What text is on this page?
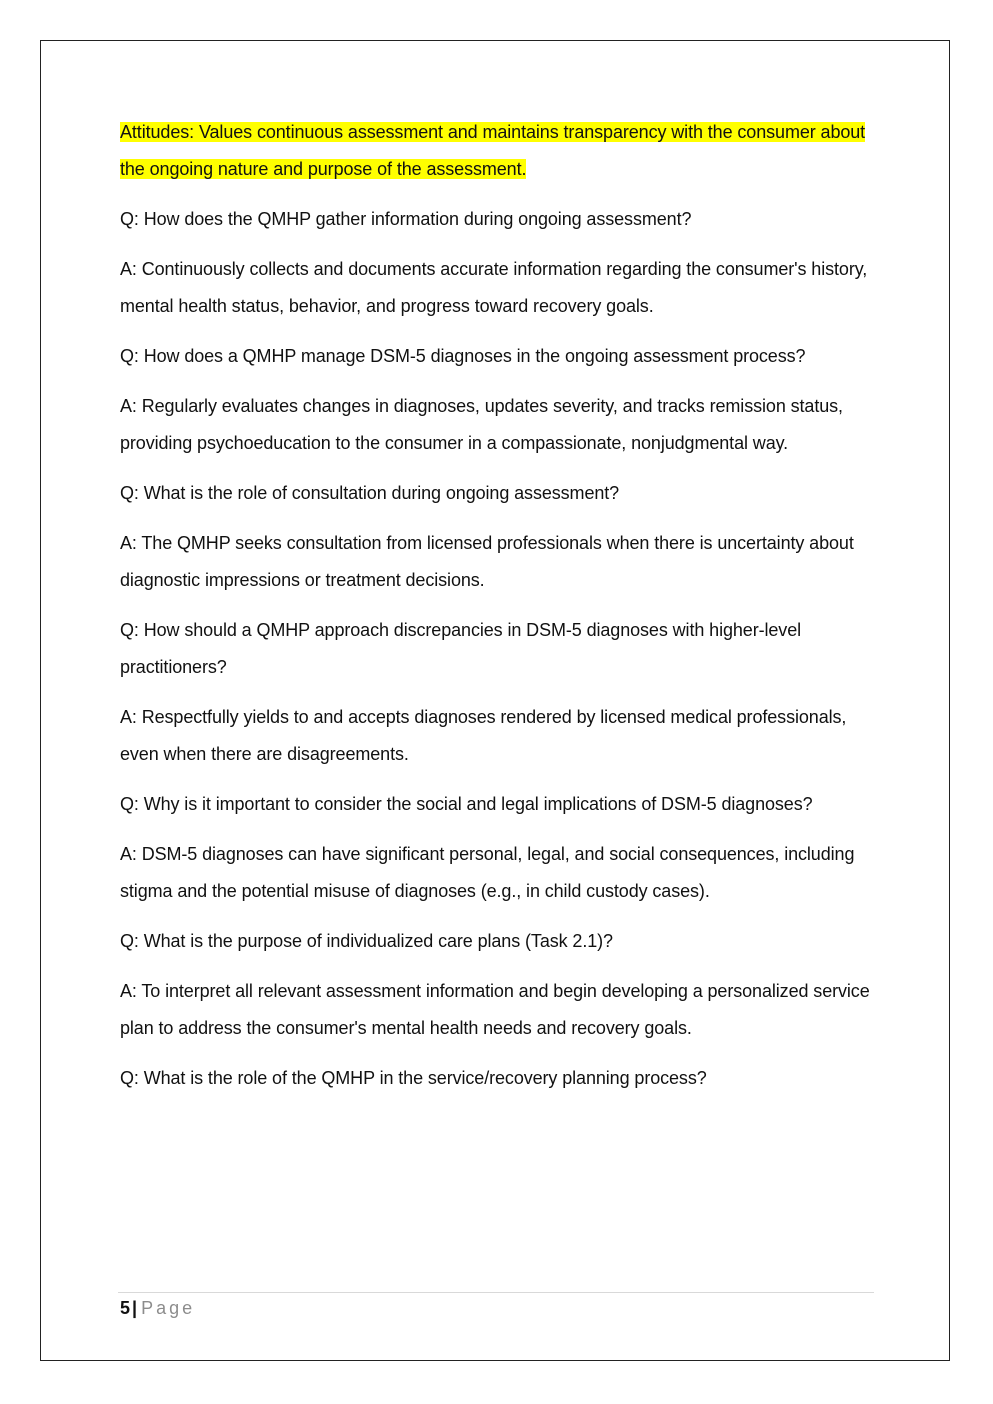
Attitudes: Values continuous assessment and maintains transparency with the consumer about the ongoing nature and purpose of the assessment.

Q: How does the QMHP gather information during ongoing assessment?

A: Continuously collects and documents accurate information regarding the consumer's history, mental health status, behavior, and progress toward recovery goals.

Q: How does a QMHP manage DSM-5 diagnoses in the ongoing assessment process?

A: Regularly evaluates changes in diagnoses, updates severity, and tracks remission status, providing psychoeducation to the consumer in a compassionate, nonjudgmental way.

Q: What is the role of consultation during ongoing assessment?

A: The QMHP seeks consultation from licensed professionals when there is uncertainty about diagnostic impressions or treatment decisions.

Q: How should a QMHP approach discrepancies in DSM-5 diagnoses with higher-level practitioners?

A: Respectfully yields to and accepts diagnoses rendered by licensed medical professionals, even when there are disagreements.

Q: Why is it important to consider the social and legal implications of DSM-5 diagnoses?

A: DSM-5 diagnoses can have significant personal, legal, and social consequences, including stigma and the potential misuse of diagnoses (e.g., in child custody cases).

Q: What is the purpose of individualized care plans (Task 2.1)?

A: To interpret all relevant assessment information and begin developing a personalized service plan to address the consumer's mental health needs and recovery goals.

Q: What is the role of the QMHP in the service/recovery planning process?

5 | Page
